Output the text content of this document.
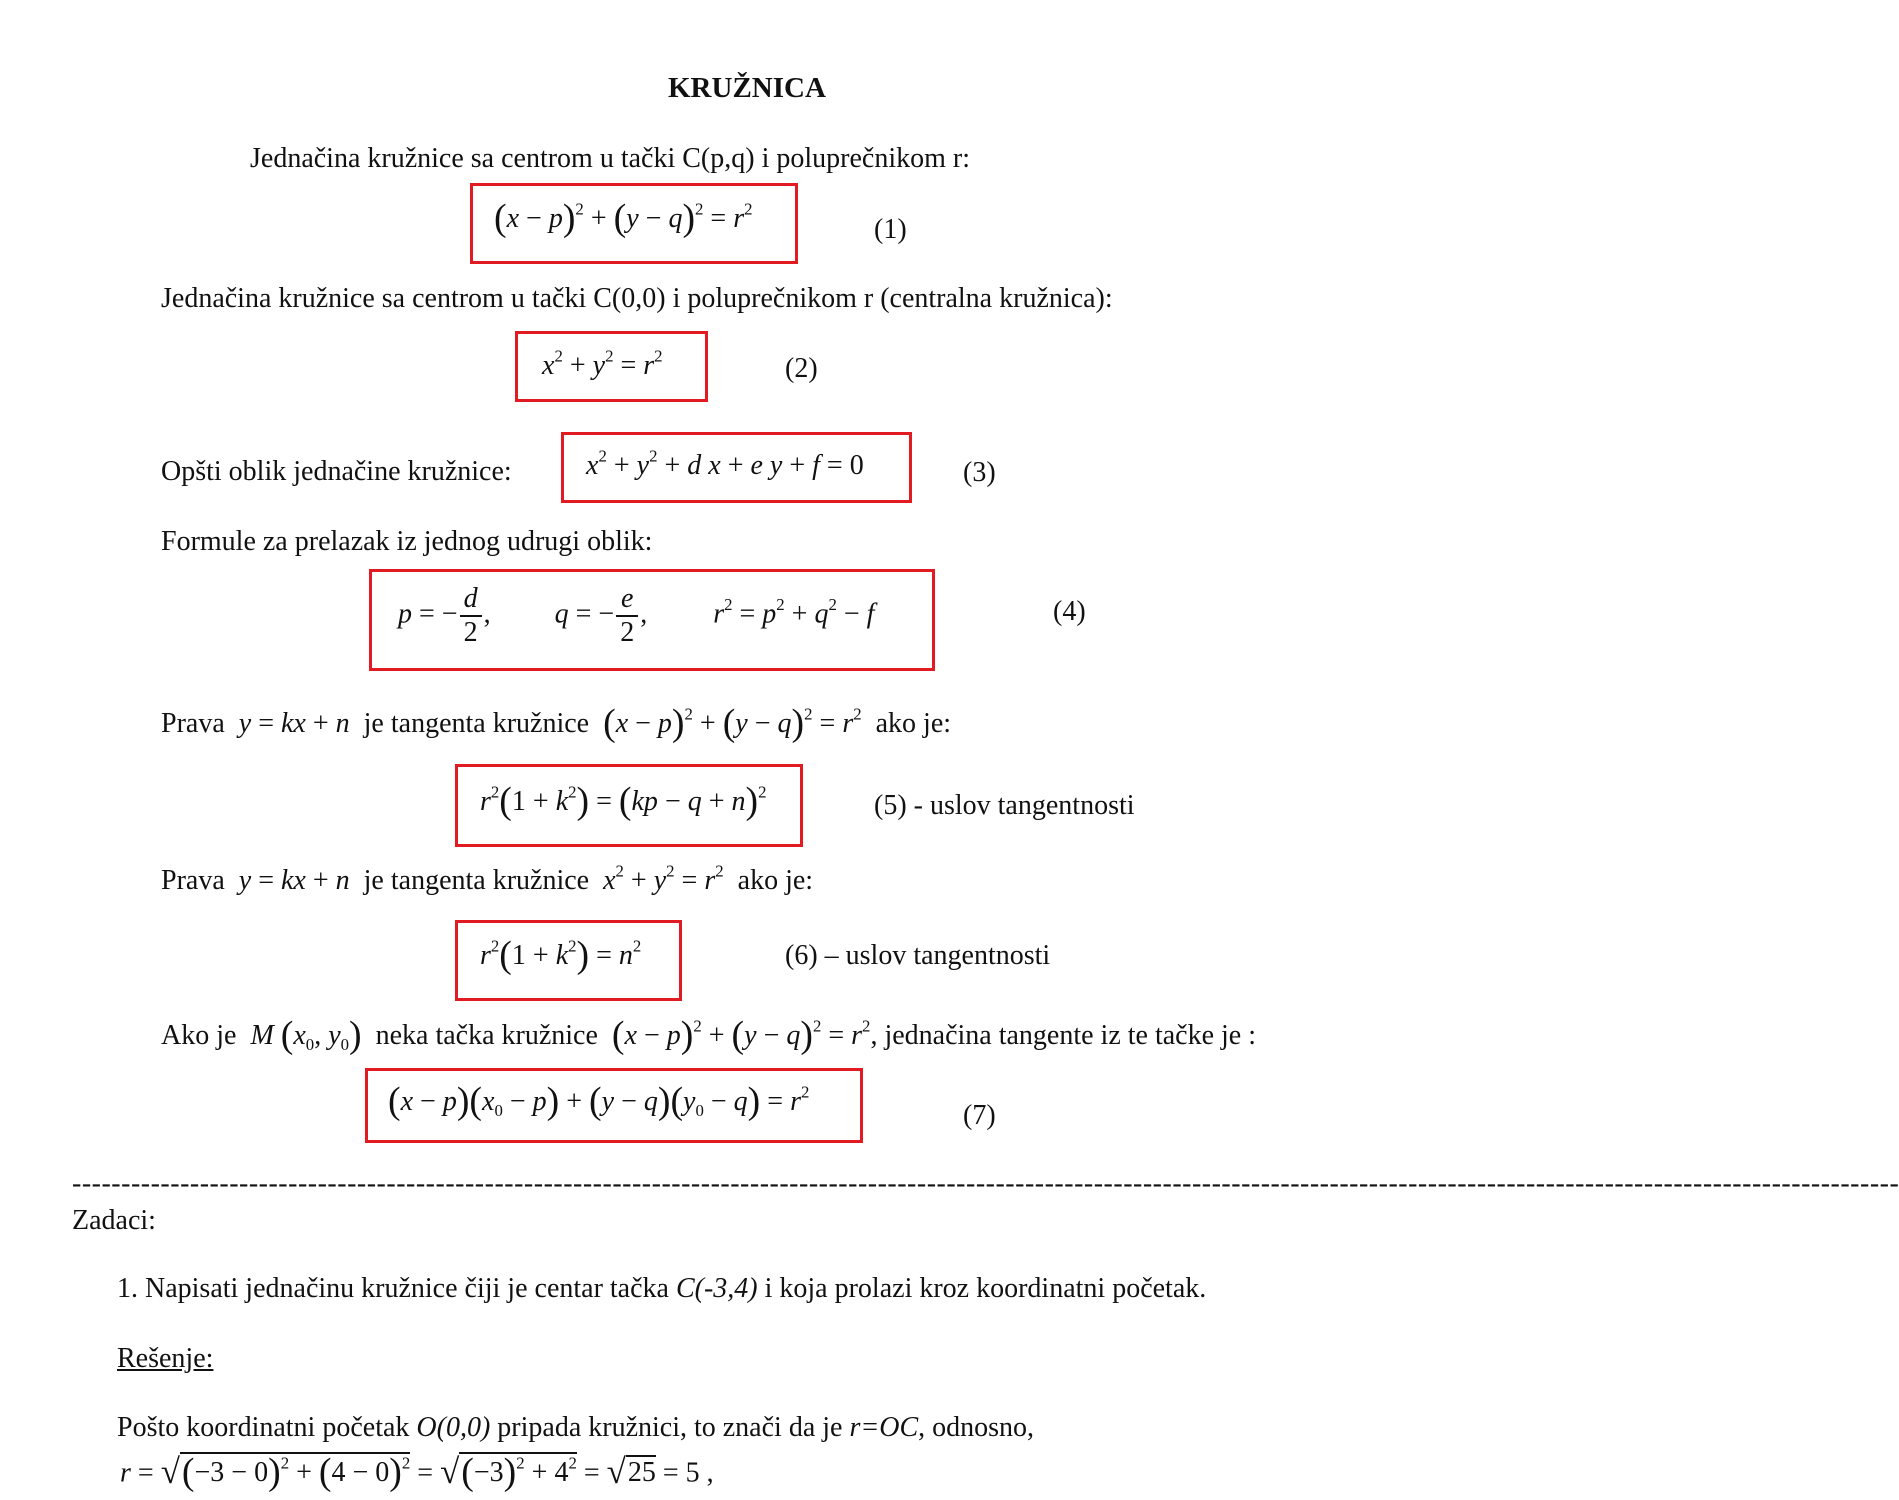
KRUŽNICA
Jednačina kružnice sa centrom u tački C(p,q) i poluprečnikom r:
$(x - p)^2 + (y - q)^2 = r^2$
(1)
Jednačina kružnice sa centrom u tački C(0,0) i poluprečnikom r (centralna kružnica):
$x^2 + y^2 = r^2$	(2)
Opšti oblik jednačine kružnice:	$x^2 + y^2 + d$ x + e y + f = 0	(3)
Formule za prelazak iz jednog udrugi oblik:
p = − $\frac{d}{2}$ ,  q = − $\frac{e}{2}$ ,  $r^2 = p^2 + q^2 - f$	(4)
Prava y = kx + n je tangenta kružnice $(x - p)^2 + (y - q)^2 = r^2$ ako je:
$r^2(1 + k^2) = (kp - q + n)^2$	(5) - uslov tangentnosti
Prava y = kx + n je tangenta kružnice $x^2 + y^2 = r^2$ ako je:
$r^2(1 + k^2) = n^2$	(6) – uslov tangentnosti
Ako je M ($x_0$, $y_0$) neka tačka kružnice $(x - p)^2 + (y - q)^2 = r^2$, jednačina tangente iz te tačke je :
$(x - p)(x_0 - p) + (y - q)(y_0 - q) = r^2$
(7)
------------------------------------------------------------------------------------------------------------------------------------------------------------------------------------------
Zadaci:
1. Napisati jednačinu kružnice čiji je centar tačka C(-3,4) i koja prolazi kroz koordinatni početak.
Rešenje:
Pošto koordinatni početak O(0,0) pripada kružnici, to znači da je r=OC, odnosno,
$r = √(-3 - 0)^2 + (4 - 0)^2 = √(-3)^2 + 4^2 = √25 = 5$ ,
